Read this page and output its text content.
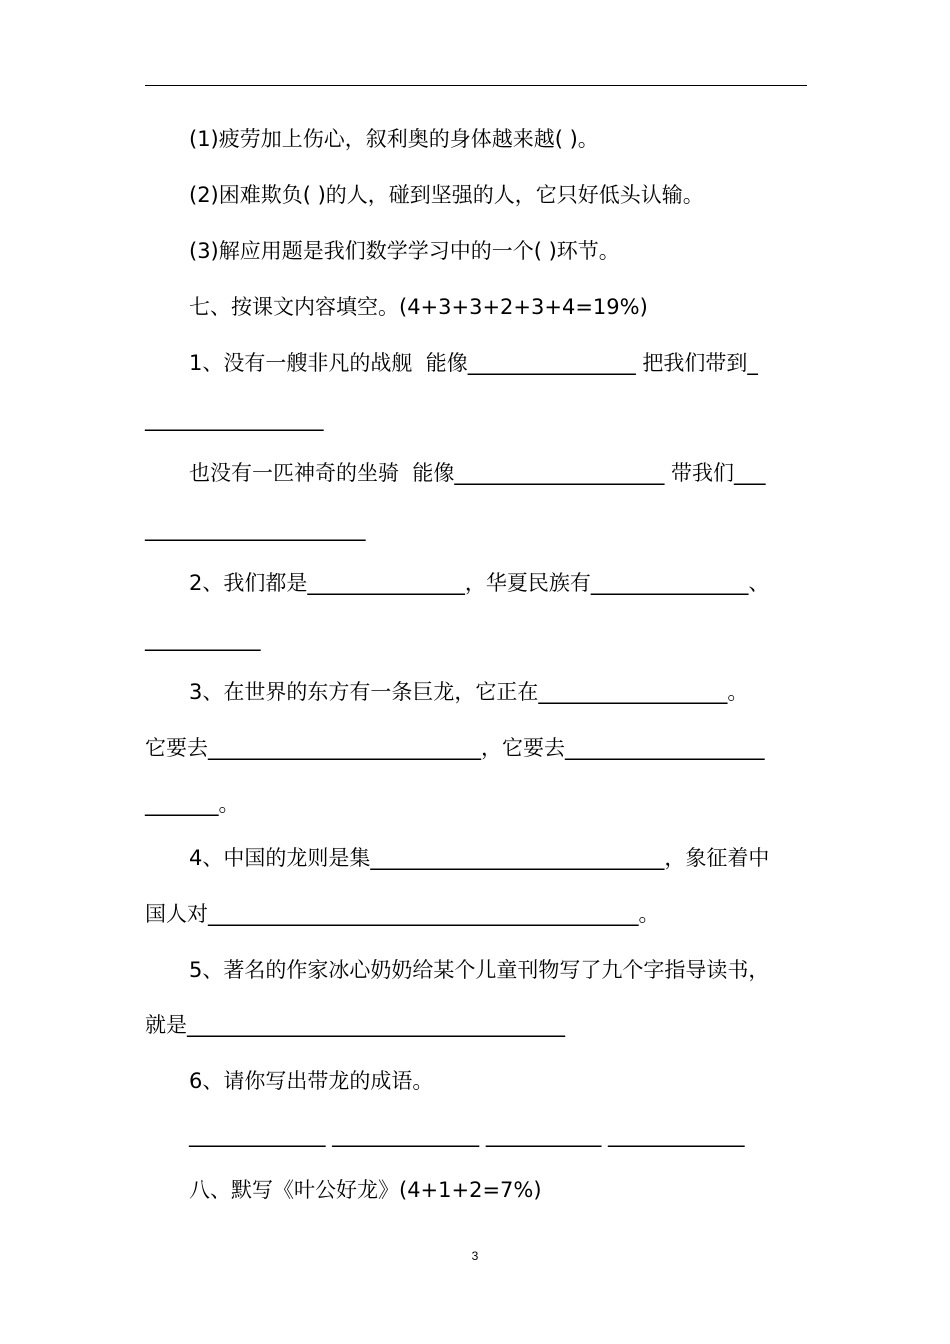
(1)疲劳加上伤心，叙利奥的身体越来越( )。
(2)困难欺负( )的人，碰到坚强的人，它只好低头认输。
(3)解应用题是我们数学学习中的一个( )环节。
七、按课文内容填空。(4+3+3+2+3+4=19%)
1、没有一艘非凡的战舰  能像________________ 把我们带到_
_________________
也没有一匹神奇的坐骑  能像____________________ 带我们___
_____________________
2、我们都是_______________，华夏民族有_______________、
___________
3、在世界的东方有一条巨龙，它正在__________________。
它要去__________________________，它要去___________________
_______。
4、中国的龙则是集____________________________，象征着中
国人对_________________________________________。
5、著名的作家冰心奶奶给某个儿童刊物写了九个字指导读书，
就是____________________________________
6、请你写出带龙的成语。
_____________ ______________ ___________ _____________
八、默写《叶公好龙》(4+1+2=7%)
3
